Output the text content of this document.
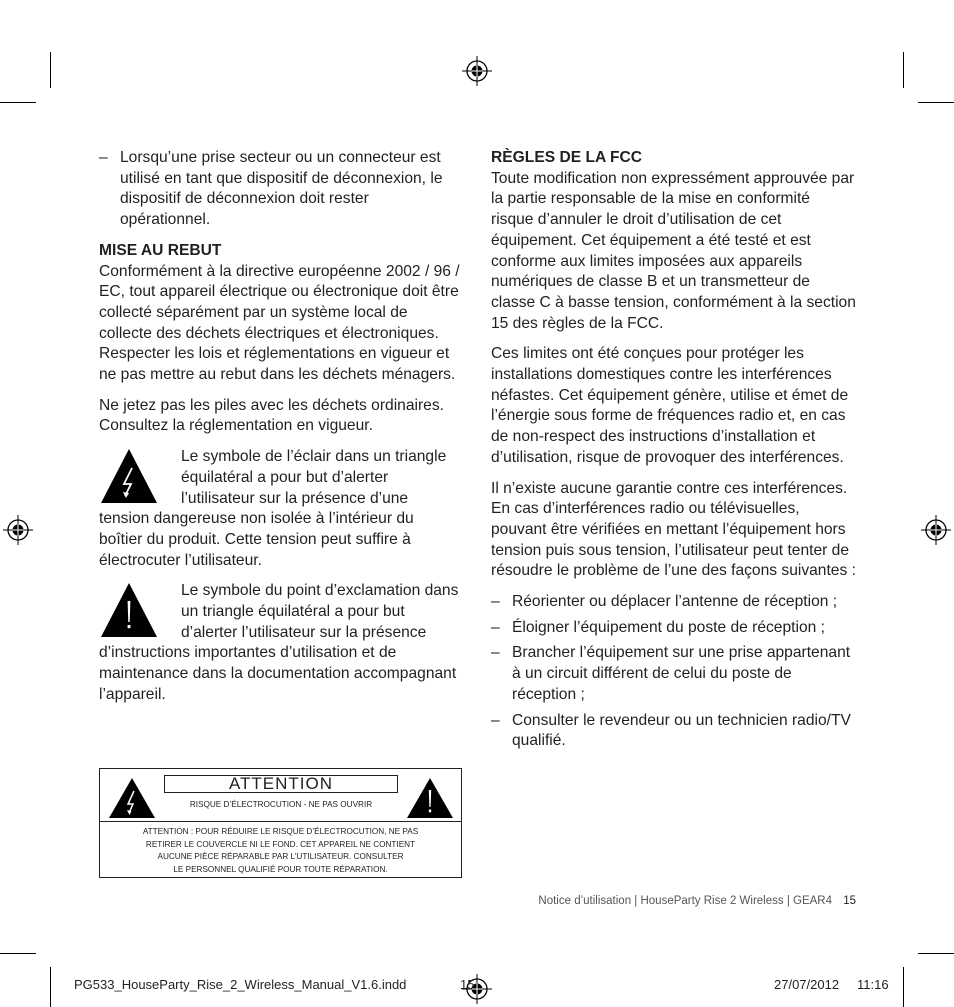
– Lorsqu’une prise secteur ou un connecteur est utilisé en tant que dispositif de déconnexion, le dispositif de déconnexion doit rester opérationnel.
MISE AU REBUT

Conformément à la directive européenne 2002 / 96 / EC, tout appareil électrique ou électronique doit être collecté séparément par un système local de collecte des déchets électriques et électroniques. Respecter les lois et réglementations en vigueur et ne pas mettre au rebut dans les déchets ménagers.

Ne jetez pas les piles avec les déchets ordinaires. Consultez la réglementation en vigueur.

Le symbole de l’éclair dans un triangle équilatéral a pour but d’alerter l’utilisateur sur la présence d’une tension dangereuse non isolée à l’intérieur du boîtier du produit. Cette tension peut suffire à électrocuter l’utilisateur.
Le symbole du point d’exclamation dans un triangle équilatéral a pour but d’alerter l’utilisateur sur la présence d’instructions importantes d’utilisation et de maintenance dans la documentation accompagnant l’appareil.
ATTENTION
RISQUE D’ÉLECTROCUTION - NE PAS OUVRIR
ATTENTION : POUR RÉDUIRE LE RISQUE D’ÉLECTROCUTION, NE PAS
RETIRER LE COUVERCLE NI LE FOND. CET APPAREIL NE CONTIENT
AUCUNE PIÈCE RÉPARABLE PAR L’UTILISATEUR. CONSULTER
LE PERSONNEL QUALIFIÉ POUR TOUTE RÉPARATION.
RÈGLES DE LA FCC

Toute modification non expressément approuvée par la partie responsable de la mise en conformité risque d’annuler le droit d’utilisation de cet équipement. Cet équipement a été testé et est conforme aux limites imposées aux appareils numériques de classe B et un transmetteur de classe C à basse tension, conformément à la section 15 des règles de la FCC.

Ces limites ont été conçues pour protéger les installations domestiques contre les interférences néfastes. Cet équipement génère, utilise et émet de l’énergie sous forme de fréquences radio et, en cas de non-respect des instructions d’installation et d’utilisation, risque de provoquer des interférences.

Il n’existe aucune garantie contre ces interférences. En cas d’interférences radio ou télévisuelles, pouvant être vérifiées en mettant l’équipement hors tension puis sous tension, l’utilisateur peut tenter de résoudre le problème de l’une des façons suivantes :

– Réorienter ou déplacer l’antenne de réception ;
– Éloigner l’équipement du poste de réception ;
– Brancher l’équipement sur une prise appartenant à un circuit différent de celui du poste de réception ;
– Consulter le revendeur ou un technicien radio/TV qualifié.
Notice d’utilisation | HouseParty Rise 2 Wireless | GEAR4 15
PG533_HouseParty_Rise_2_Wireless_Manual_V1.6.indd	15	27/07/2012 11:16
